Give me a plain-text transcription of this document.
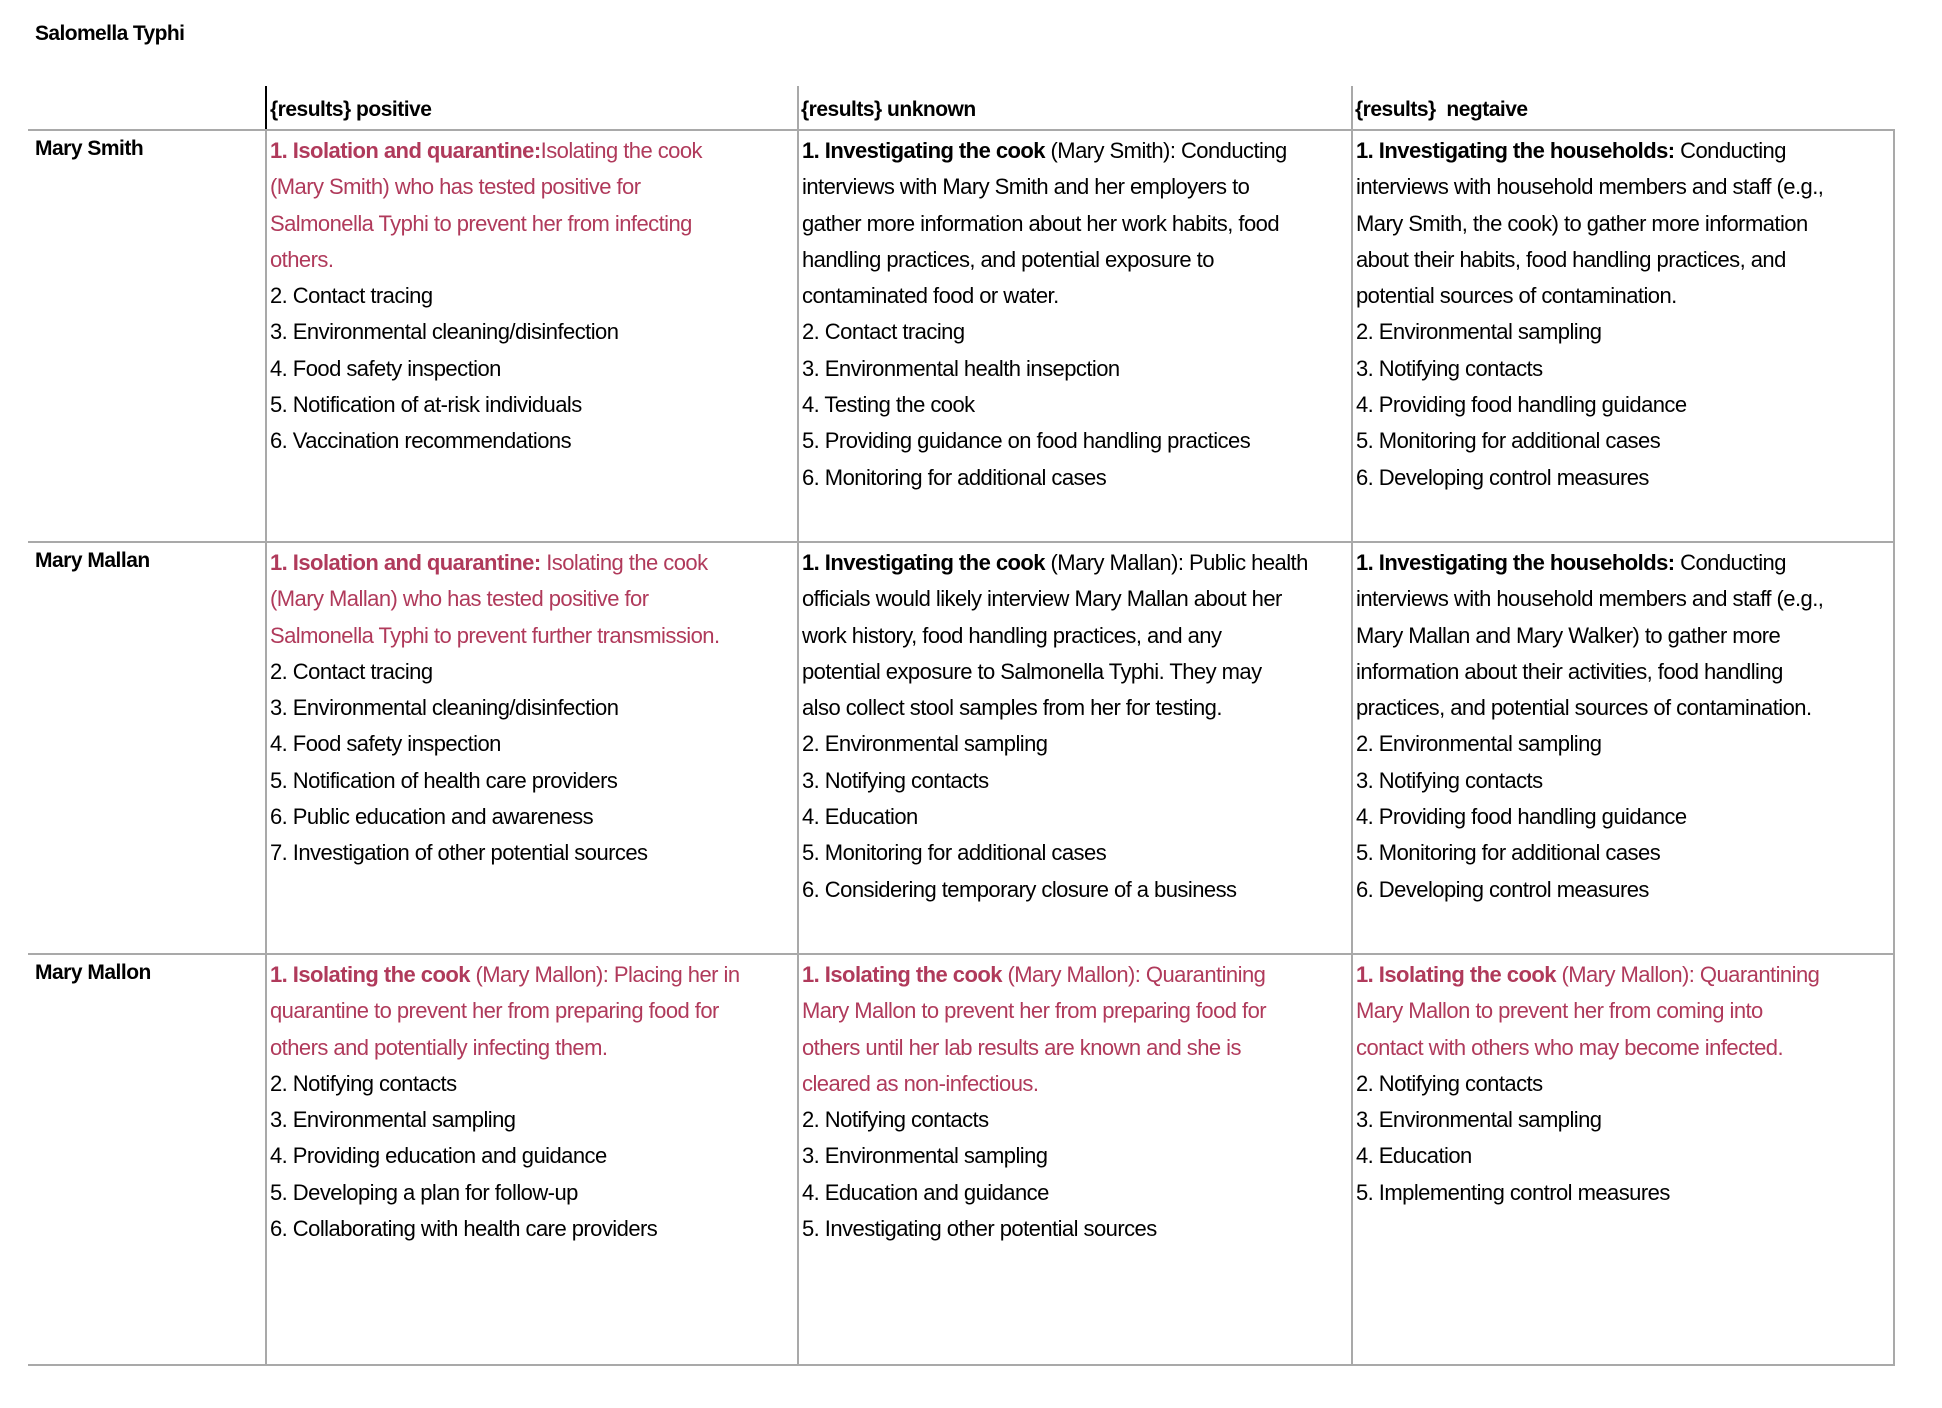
Salomella Typhi
{results} positive	{results} unknown	{results}  negtaive
Mary Smith
Mary Mallan
Mary Mallon
1. Isolation and quarantine:Isolating the cook
(Mary Smith) who has tested positive for
Salmonella Typhi to prevent her from infecting
others.
2. Contact tracing
3. Environmental cleaning/disinfection
4. Food safety inspection
5. Notification of at-risk individuals
6. Vaccination recommendations
1. Investigating the cook (Mary Smith): Conducting
interviews with Mary Smith and her employers to
gather more information about her work habits, food
handling practices, and potential exposure to
contaminated food or water.
2. Contact tracing
3. Environmental health insepction
4. Testing the cook
5. Providing guidance on food handling practices
6. Monitoring for additional cases
1. Investigating the households: Conducting
interviews with household members and staff (e.g.,
Mary Smith, the cook) to gather more information
about their habits, food handling practices, and
potential sources of contamination.
2. Environmental sampling
3. Notifying contacts
4. Providing food handling guidance
5. Monitoring for additional cases
6. Developing control measures
1. Isolation and quarantine: Isolating the cook
(Mary Mallan) who has tested positive for
Salmonella Typhi to prevent further transmission.
2. Contact tracing
3. Environmental cleaning/disinfection
4. Food safety inspection
5. Notification of health care providers
6. Public education and awareness
7. Investigation of other potential sources
1. Investigating the cook (Mary Mallan): Public health
officials would likely interview Mary Mallan about her
work history, food handling practices, and any
potential exposure to Salmonella Typhi. They may
also collect stool samples from her for testing.
2. Environmental sampling
3. Notifying contacts
4. Education
5. Monitoring for additional cases
6. Considering temporary closure of a business
1. Investigating the households: Conducting
interviews with household members and staff (e.g.,
Mary Mallan and Mary Walker) to gather more
information about their activities, food handling
practices, and potential sources of contamination.
2. Environmental sampling
3. Notifying contacts
4. Providing food handling guidance
5. Monitoring for additional cases
6. Developing control measures
1. Isolating the cook (Mary Mallon): Placing her in
quarantine to prevent her from preparing food for
others and potentially infecting them.
2. Notifying contacts
3. Environmental sampling
4. Providing education and guidance
5. Developing a plan for follow-up
6. Collaborating with health care providers
1. Isolating the cook (Mary Mallon): Quarantining
Mary Mallon to prevent her from preparing food for
others until her lab results are known and she is
cleared as non-infectious.
2. Notifying contacts
3. Environmental sampling
4. Education and guidance
5. Investigating other potential sources
1. Isolating the cook (Mary Mallon): Quarantining
Mary Mallon to prevent her from coming into
contact with others who may become infected.
2. Notifying contacts
3. Environmental sampling
4. Education
5. Implementing control measures
